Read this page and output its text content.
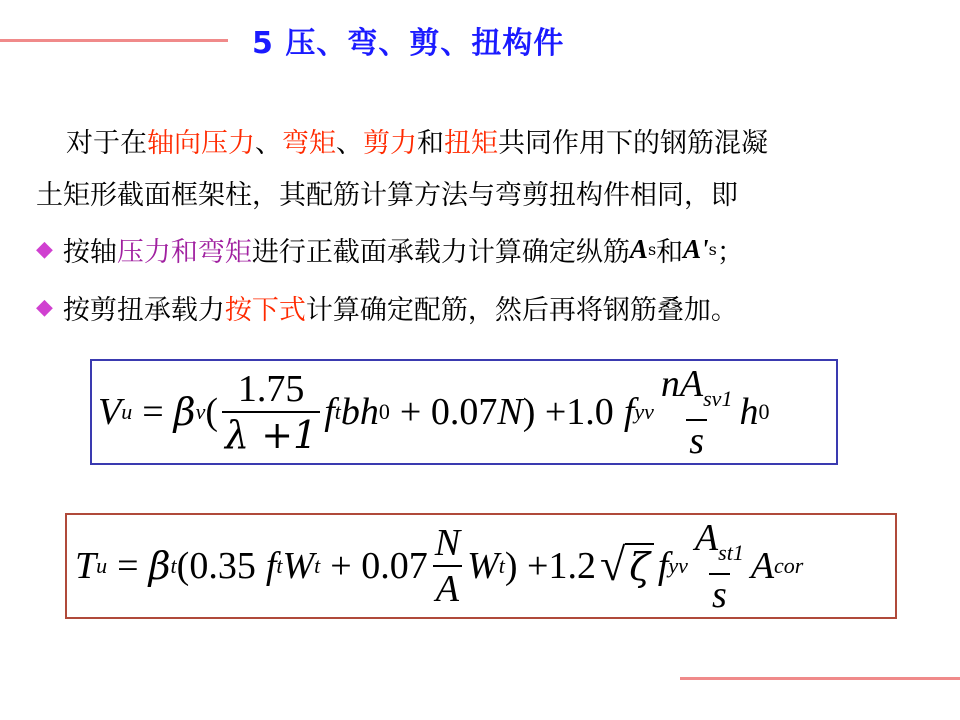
5 压、弯、剪、扭构件
对于在轴向压力、弯矩、剪力和扭矩共同作用下的钢筋混凝
土矩形截面框架柱，其配筋计算方法与弯剪扭构件相同，即
◆ 按轴 压力和弯矩 进行正截面承载力计算确定纵筋 A s 和 A' s ；
◆ 按剪扭承载力 按下式 计算确定配筋，然后再将钢筋叠加。
V u = β v ( $\frac{1.75}{\lambda +1}$ f t bh 0 + 0.07 N ) +1.0 f yv $\frac{nA_{sv1}}{s}$ h 0
T u = β t (0.35 f t W $t + 0.07 \frac{N}{A}$ W t ) +1.2 √ ζ f yv $\frac{A_{st1}}{s}$ A cor
